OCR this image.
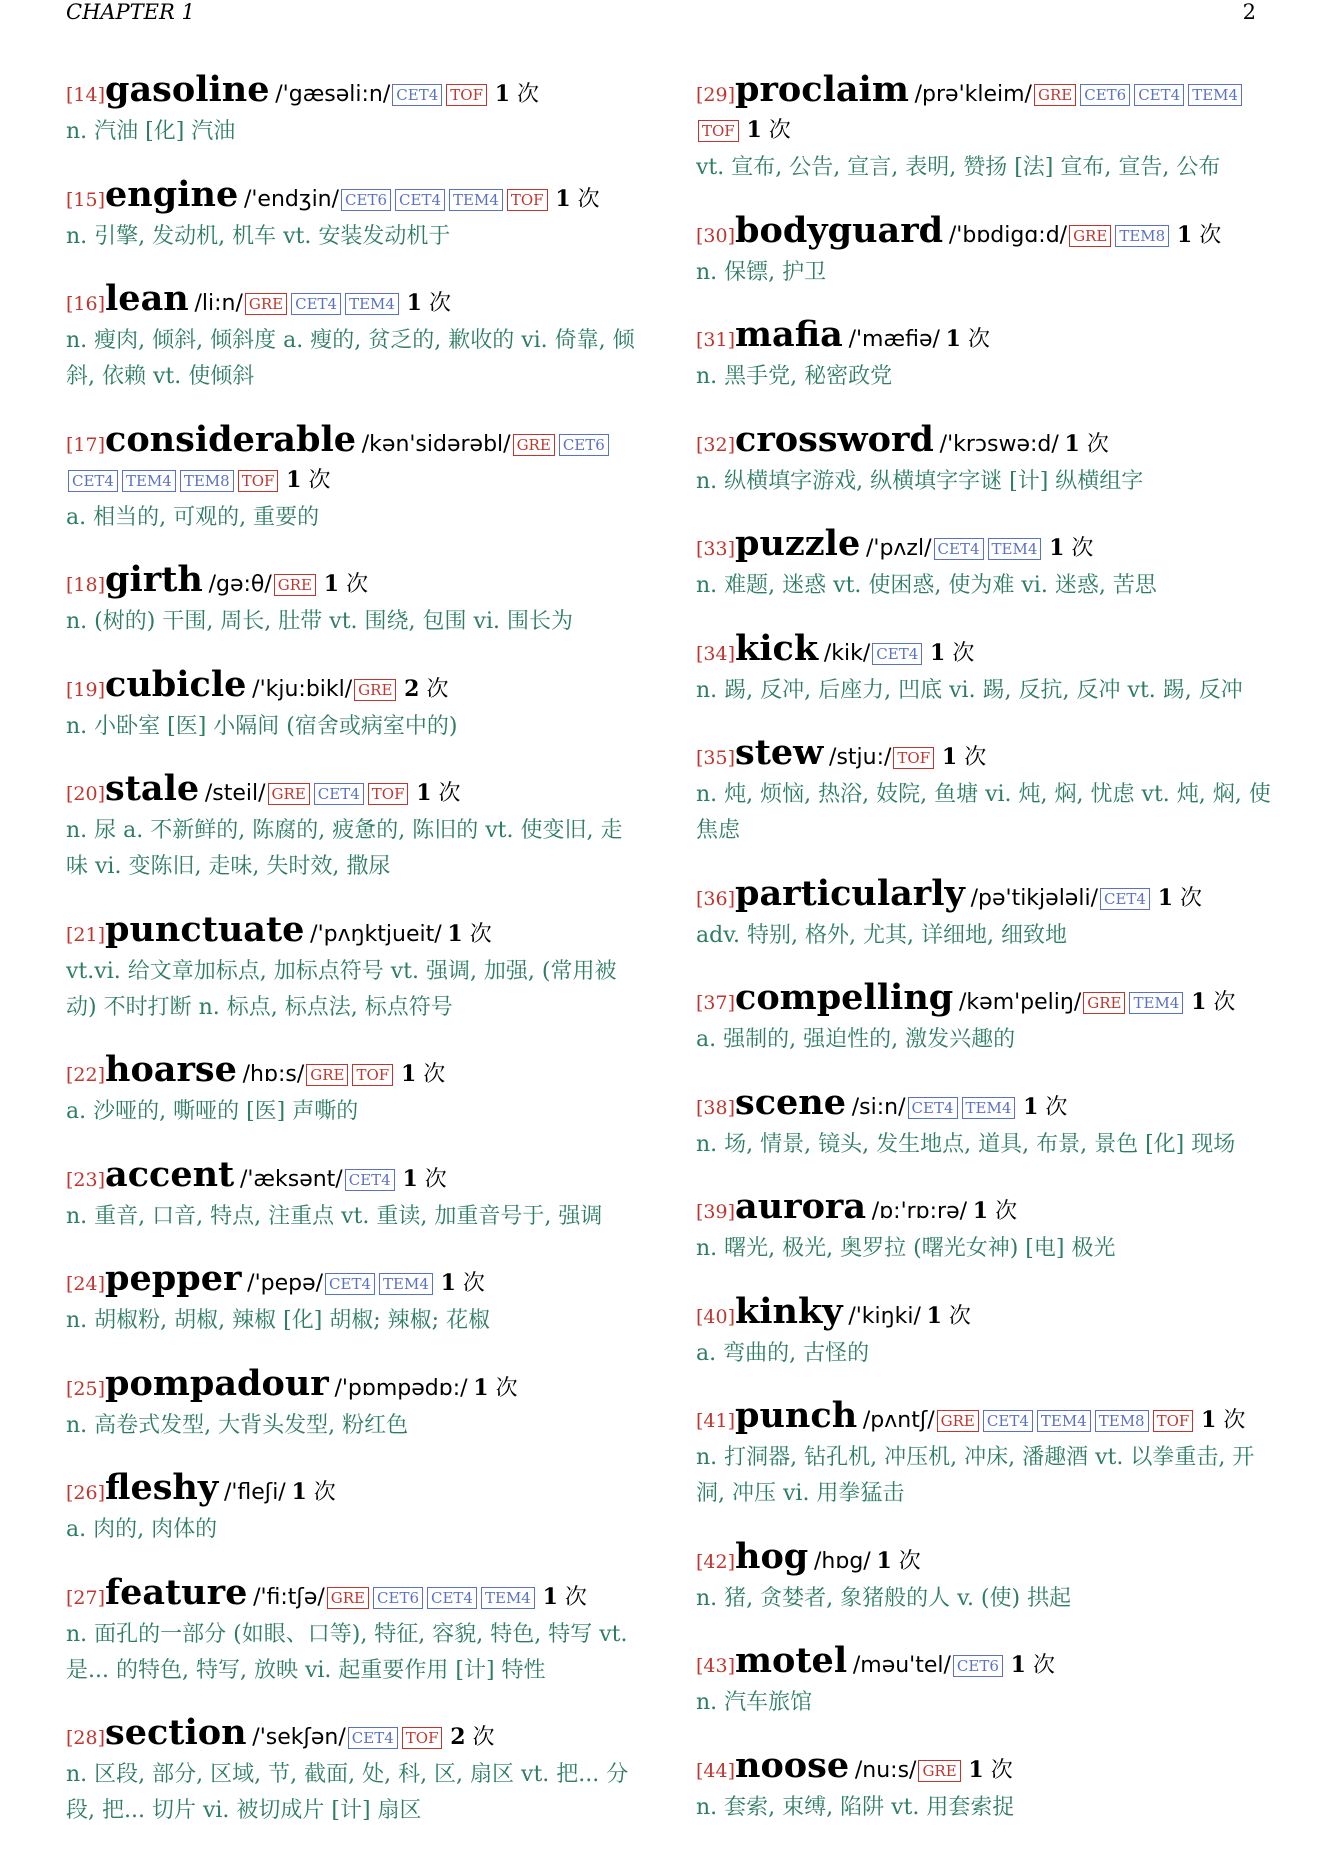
CHAPTER 1	2
[14]gasoline /'gæsəli:n/ CET4 TOF 1 次
n. 汽油 [化] 汽油
[15]engine /'endʒin/ CET6 CET4 TEM4 TOF 1 次
n. 引擎, 发动机, 机车 vt. 安装发动机于
[16]lean /li:n/ GRE CET4 TEM4 1 次
n. 瘦肉, 倾斜, 倾斜度 a. 瘦的, 贫乏的, 歉收的 vi. 倚靠, 倾斜, 依赖 vt. 使倾斜
[17]considerable /kən'sidərəbl/ GRE CET6CET4 TEM4 TEM8 TOF 1 次
a. 相当的, 可观的, 重要的
[18]girth /gə:θ/ GRE 1 次
n. (树的) 干围, 周长, 肚带 vt. 围绕, 包围 vi. 围长为
[19]cubicle /'kju:bikl/ GRE 2 次
n. 小卧室 [医] 小隔间 (宿舍或病室中的)
[20]stale /steil/ GRE CET4 TOF 1 次
n. 尿 a. 不新鲜的, 陈腐的, 疲惫的, 陈旧的 vt. 使变旧, 走味 vi. 变陈旧, 走味, 失时效, 撒尿
[21]punctuate /'pʌŋktjueit/ 1 次
vt.vi. 给文章加标点, 加标点符号 vt. 强调, 加强, (常用被动) 不时打断 n. 标点, 标点法, 标点符号
[22]hoarse /hɒ:s/ GRE TOF 1 次
a. 沙哑的, 嘶哑的 [医] 声嘶的
[23]accent /'æksənt/ CET4 1 次
n. 重音, 口音, 特点, 注重点 vt. 重读, 加重音号于, 强调
[24]pepper /'pepə/ CET4 TEM4 1 次
n. 胡椒粉, 胡椒, 辣椒 [化] 胡椒; 辣椒; 花椒
[25]pompadour /'pɒmpədɒ:/ 1 次
n. 高卷式发型, 大背头发型, 粉红色
[26]fleshy /'fleʃi/ 1 次
a. 肉的, 肉体的
[27]feature /'fi:tʃə/ GRE CET6 CET4 TEM4 1 次
n. 面孔的一部分 (如眼、口等), 特征, 容貌, 特色, 特写 vt. 是... 的特色, 特写, 放映 vi. 起重要作用 [计] 特性
[28]section /'sekʃən/ CET4 TOF 2 次
n. 区段, 部分, 区域, 节, 截面, 处, 科, 区, 扇区 vt. 把... 分段, 把... 切片 vi. 被切成片 [计] 扇区
[29]proclaim /prə'kleim/ GRE CET6 CET4 TEM4TOF 1 次
vt. 宣布, 公告, 宣言, 表明, 赞扬 [法] 宣布, 宣告, 公布
[30]bodyguard /'bɒdigɑ:d/ GRE TEM8 1 次
n. 保镖, 护卫
[31]mafia /'mæfiə/ 1 次
n. 黑手党, 秘密政党
[32]crossword /'krɔswə:d/ 1 次
n. 纵横填字游戏, 纵横填字字谜 [计] 纵横组字
[33]puzzle /'pʌzl/ CET4 TEM4 1 次
n. 难题, 迷惑 vt. 使困惑, 使为难 vi. 迷惑, 苦思
[34]kick /kik/ CET4 1 次
n. 踢, 反冲, 后座力, 凹底 vi. 踢, 反抗, 反冲 vt. 踢, 反冲
[35]stew /stju:/ TOF 1 次
n. 炖, 烦恼, 热浴, 妓院, 鱼塘 vi. 炖, 焖, 忧虑 vt. 炖, 焖, 使焦虑
[36]particularly /pə'tikjələli/ CET4 1 次
adv. 特别, 格外, 尤其, 详细地, 细致地
[37]compelling /kəm'peliŋ/ GRE TEM4 1 次
a. 强制的, 强迫性的, 激发兴趣的
[38]scene /si:n/ CET4 TEM4 1 次
n. 场, 情景, 镜头, 发生地点, 道具, 布景, 景色 [化] 现场
[39]aurora /ɒ:'rɒ:rə/ 1 次
n. 曙光, 极光, 奥罗拉 (曙光女神) [电] 极光
[40]kinky /'kiŋki/ 1 次
a. 弯曲的, 古怪的
[41]punch /pʌntʃ/ GRE CET4 TEM4 TEM8 TOF 1 次
n. 打洞器, 钻孔机, 冲压机, 冲床, 潘趣酒 vt. 以拳重击, 开洞, 冲压 vi. 用拳猛击
[42]hog /hɒg/ 1 次
n. 猪, 贪婪者, 象猪般的人 v. (使) 拱起
[43]motel /məu'tel/ CET6 1 次
n. 汽车旅馆
[44]noose /nu:s/ GRE 1 次
n. 套索, 束缚, 陷阱 vt. 用套索捉
